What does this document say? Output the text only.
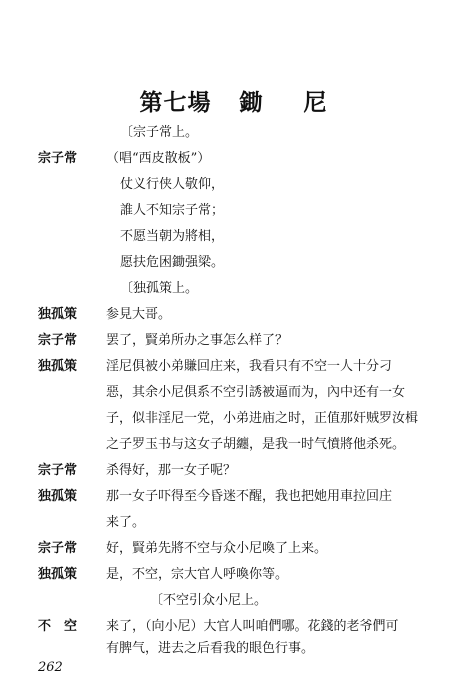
第七場 鋤 尼
〔宗子常上。
宗子常 （唱“西皮散板”）
仗义行侠人敬仰，
誰人不知宗子常；
不愿当朝为將相，
愿扶危困鋤强梁。
〔独孤策上。
独孤策 参見大哥。
宗子常 罢了，賢弟所办之事怎么样了？
独孤策 淫尼俱被小弟賺回庄来，我看只有不空一人十分刁
惡，其余小尼俱系不空引誘被逼而为，內中还有一女
子，似非淫尼一党，小弟进庙之时，正值那奸贼罗汝楫
之子罗玉书与这女子胡纏，是我一时气憤將他杀死。
宗子常 杀得好，那一女子呢？
独孤策 那一女子吓得至今昏迷不醒，我也把她用車拉回庄
来了。
宗子常 好，賢弟先將不空与众小尼喚了上来。
独孤策 是，不空，宗大官人呼喚你等。
〔不空引众小尼上。
不　空 来了，（向小尼）大官人叫咱們哪。花錢的老爷們可
有脾气，进去之后看我的眼色行事。
262
